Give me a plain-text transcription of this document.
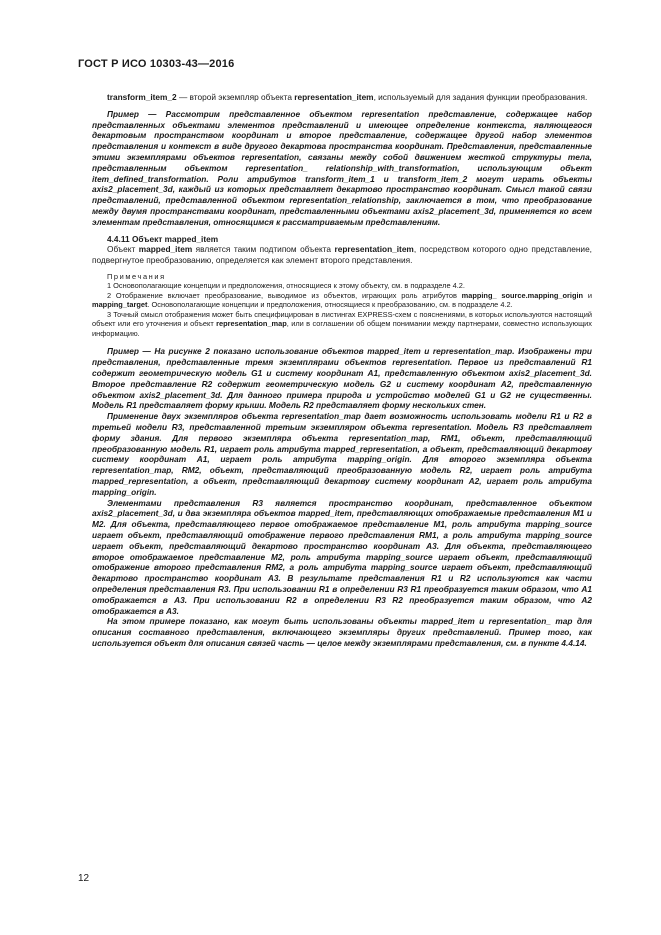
ГОСТ Р ИСО 10303-43—2016

transform_item_2 — второй экземпляр объекта representation_item, используемый для задания функции преобразования.

Пример — Рассмотрим представленное объектом representation представление, содержащее набор представленных объектами элементов представлений и имеющее определение контекста, являющегося декартовым пространством координат и второе представление, содержащее другой набор элементов представления и контекст в виде другого декартова пространства координат. Представления, представленные этими экземплярами объектов representation, связаны между собой движением жесткой структуры тела, представленным объектом representation_ relationship_with_transformation, использующим объект item_defined_transformation. Роли атрибутов transform_item_1 и transform_item_2 могут играть объекты axis2_placement_3d, каждый из которых представляет декартово пространство координат. Смысл такой связи представлений, представленной объектом representation_relationship, заключается в том, что преобразование между двумя пространствами координат, представленными объектами axis2_placement_3d, применяется ко всем элементам представления, относящимся к рассматриваемым представлениям.

4.4.11 Объект mapped_item

Объект mapped_item является таким подтипом объекта representation_item, посредством которого одно представление, подвергнутое преобразованию, определяется как элемент второго представления.

Примечания

1 Основополагающие концепции и предположения, относящиеся к этому объекту, см. в подразделе 4.2.

2 Отображение включает преобразование, выводимое из объектов, играющих роль атрибутов mapping_ source.mapping_origin и mapping_target. Основополагающие концепции и предположения, относящиеся к преобразованию, см. в подразделе 4.2.

3 Точный смысл отображения может быть специфицирован в листингах EXPRESS-схем с пояснениями, в которых используются настоящий объект или его уточнения и объект representation_map, или в соглашении об общем понимании между партнерами, совместно использующих информацию.

Пример — На рисунке 2 показано использование объектов mapped_item и representation_map. Изображены три представления, представленные тремя экземплярами объектов representation. Первое из представлений R1 содержит геометрическую модель G1 и систему координат A1, представленную объектом axis2_placement_3d. Второе представление R2 содержит геометрическую модель G2 и систему координат A2, представленную объектом axis2_placement_3d. Для данного примера природа и устройство моделей G1 и G2 не существенны. Модель R1 представляет форму крыши. Модель R2 представляет форму нескольких стен.

Применение двух экземпляров объекта representation_map дает возможность использовать модели R1 и R2 в третьей модели R3, представленной третьим экземпляром объекта representation. Модель R3 представляет форму здания. Для первого экземпляра объекта representation_map, RM1, объект, представляющий преобразованную модель R1, играет роль атрибута mapped_representation, а объект, представляющий декартову систему координат A1, играет роль атрибута mapping_origin. Для второго экземпляра объекта representation_map, RM2, объект, представляющий преобразованную модель R2, играет роль атрибута mapped_representation, а объект, представляющий декартову систему координат A2, играет роль атрибута mapping_origin.

Элементами представления R3 является пространство координат, представленное объектом axis2_placement_3d, и два экземпляра объектов mapped_item, представляющих отображаемые представления M1 и M2. Для объекта, представляющего первое отображаемое представление M1, роль атрибута mapping_source играет объект, представляющий отображение первого представления RM1, а роль атрибута mapping_source играет объект, представляющий декартово пространство координат A3. Для объекта, представляющего второе отображаемое представление M2, роль атрибута mapping_source играет объект, представляющий отображение второго представления RM2, а роль атрибута mapping_source играет объект, представляющий декартово пространство координат A3. В результате представления R1 и R2 используются как части определения представления R3. При использовании R1 в определении R3 R1 преобразуется таким образом, что A1 отображается в A3. При использовании R2 в определении R3 R2 преобразуется таким образом, что A2 отображается в A3.

На этом примере показано, как могут быть использованы объекты mapped_item и representation_ map для описания составного представления, включающего экземпляры других представлений. Пример того, как используется объект для описания связей часть — целое между экземплярами представления, см. в пункте 4.4.14.

12
